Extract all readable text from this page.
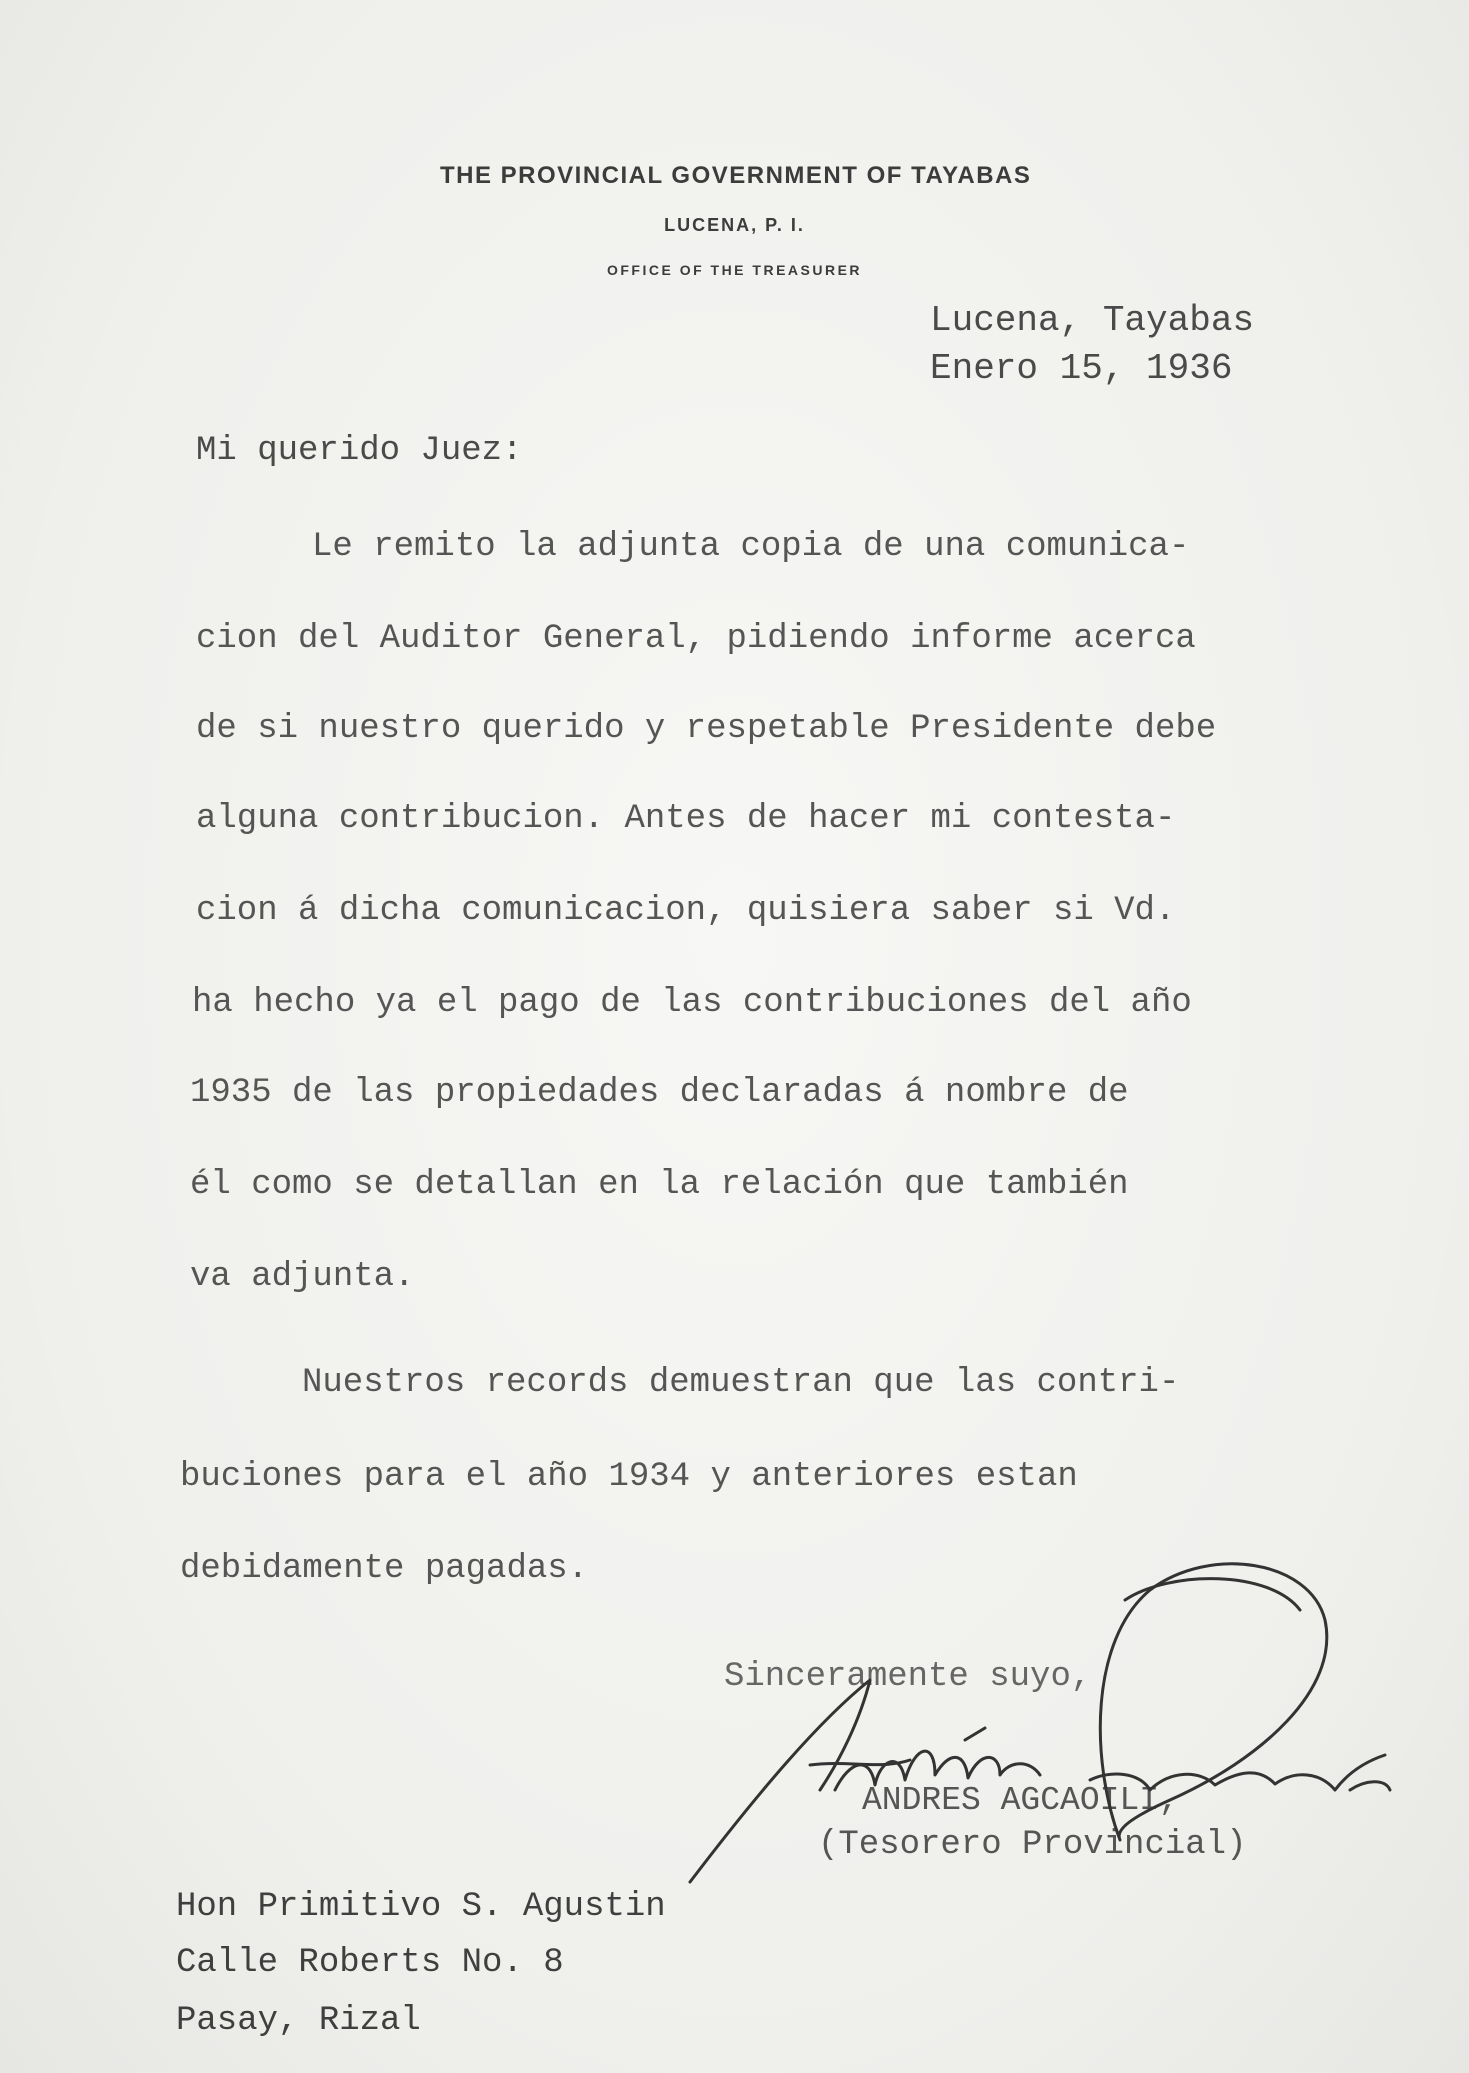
THE PROVINCIAL GOVERNMENT OF TAYABAS
LUCENA, P. I.
OFFICE OF THE TREASURER
Lucena, Tayabas
Enero 15, 1936
Mi querido Juez:
Le remito la adjunta copia de una comunica-
cion del Auditor General, pidiendo informe acerca
de si nuestro querido y respetable Presidente debe
alguna contribucion. Antes de hacer mi contesta-
cion á dicha comunicacion, quisiera saber si Vd.
ha hecho ya el pago de las contribuciones del año
1935 de las propiedades declaradas á nombre de
él como se detallan en la relación que también
va adjunta.
Nuestros records demuestran que las contri-
buciones para el año 1934 y anteriores estan
debidamente pagadas.
Sinceramente suyo,
ANDRES AGCAOILI,
(Tesorero Provincial)
Hon Primitivo S. Agustin
Calle Roberts No. 8
Pasay, Rizal
